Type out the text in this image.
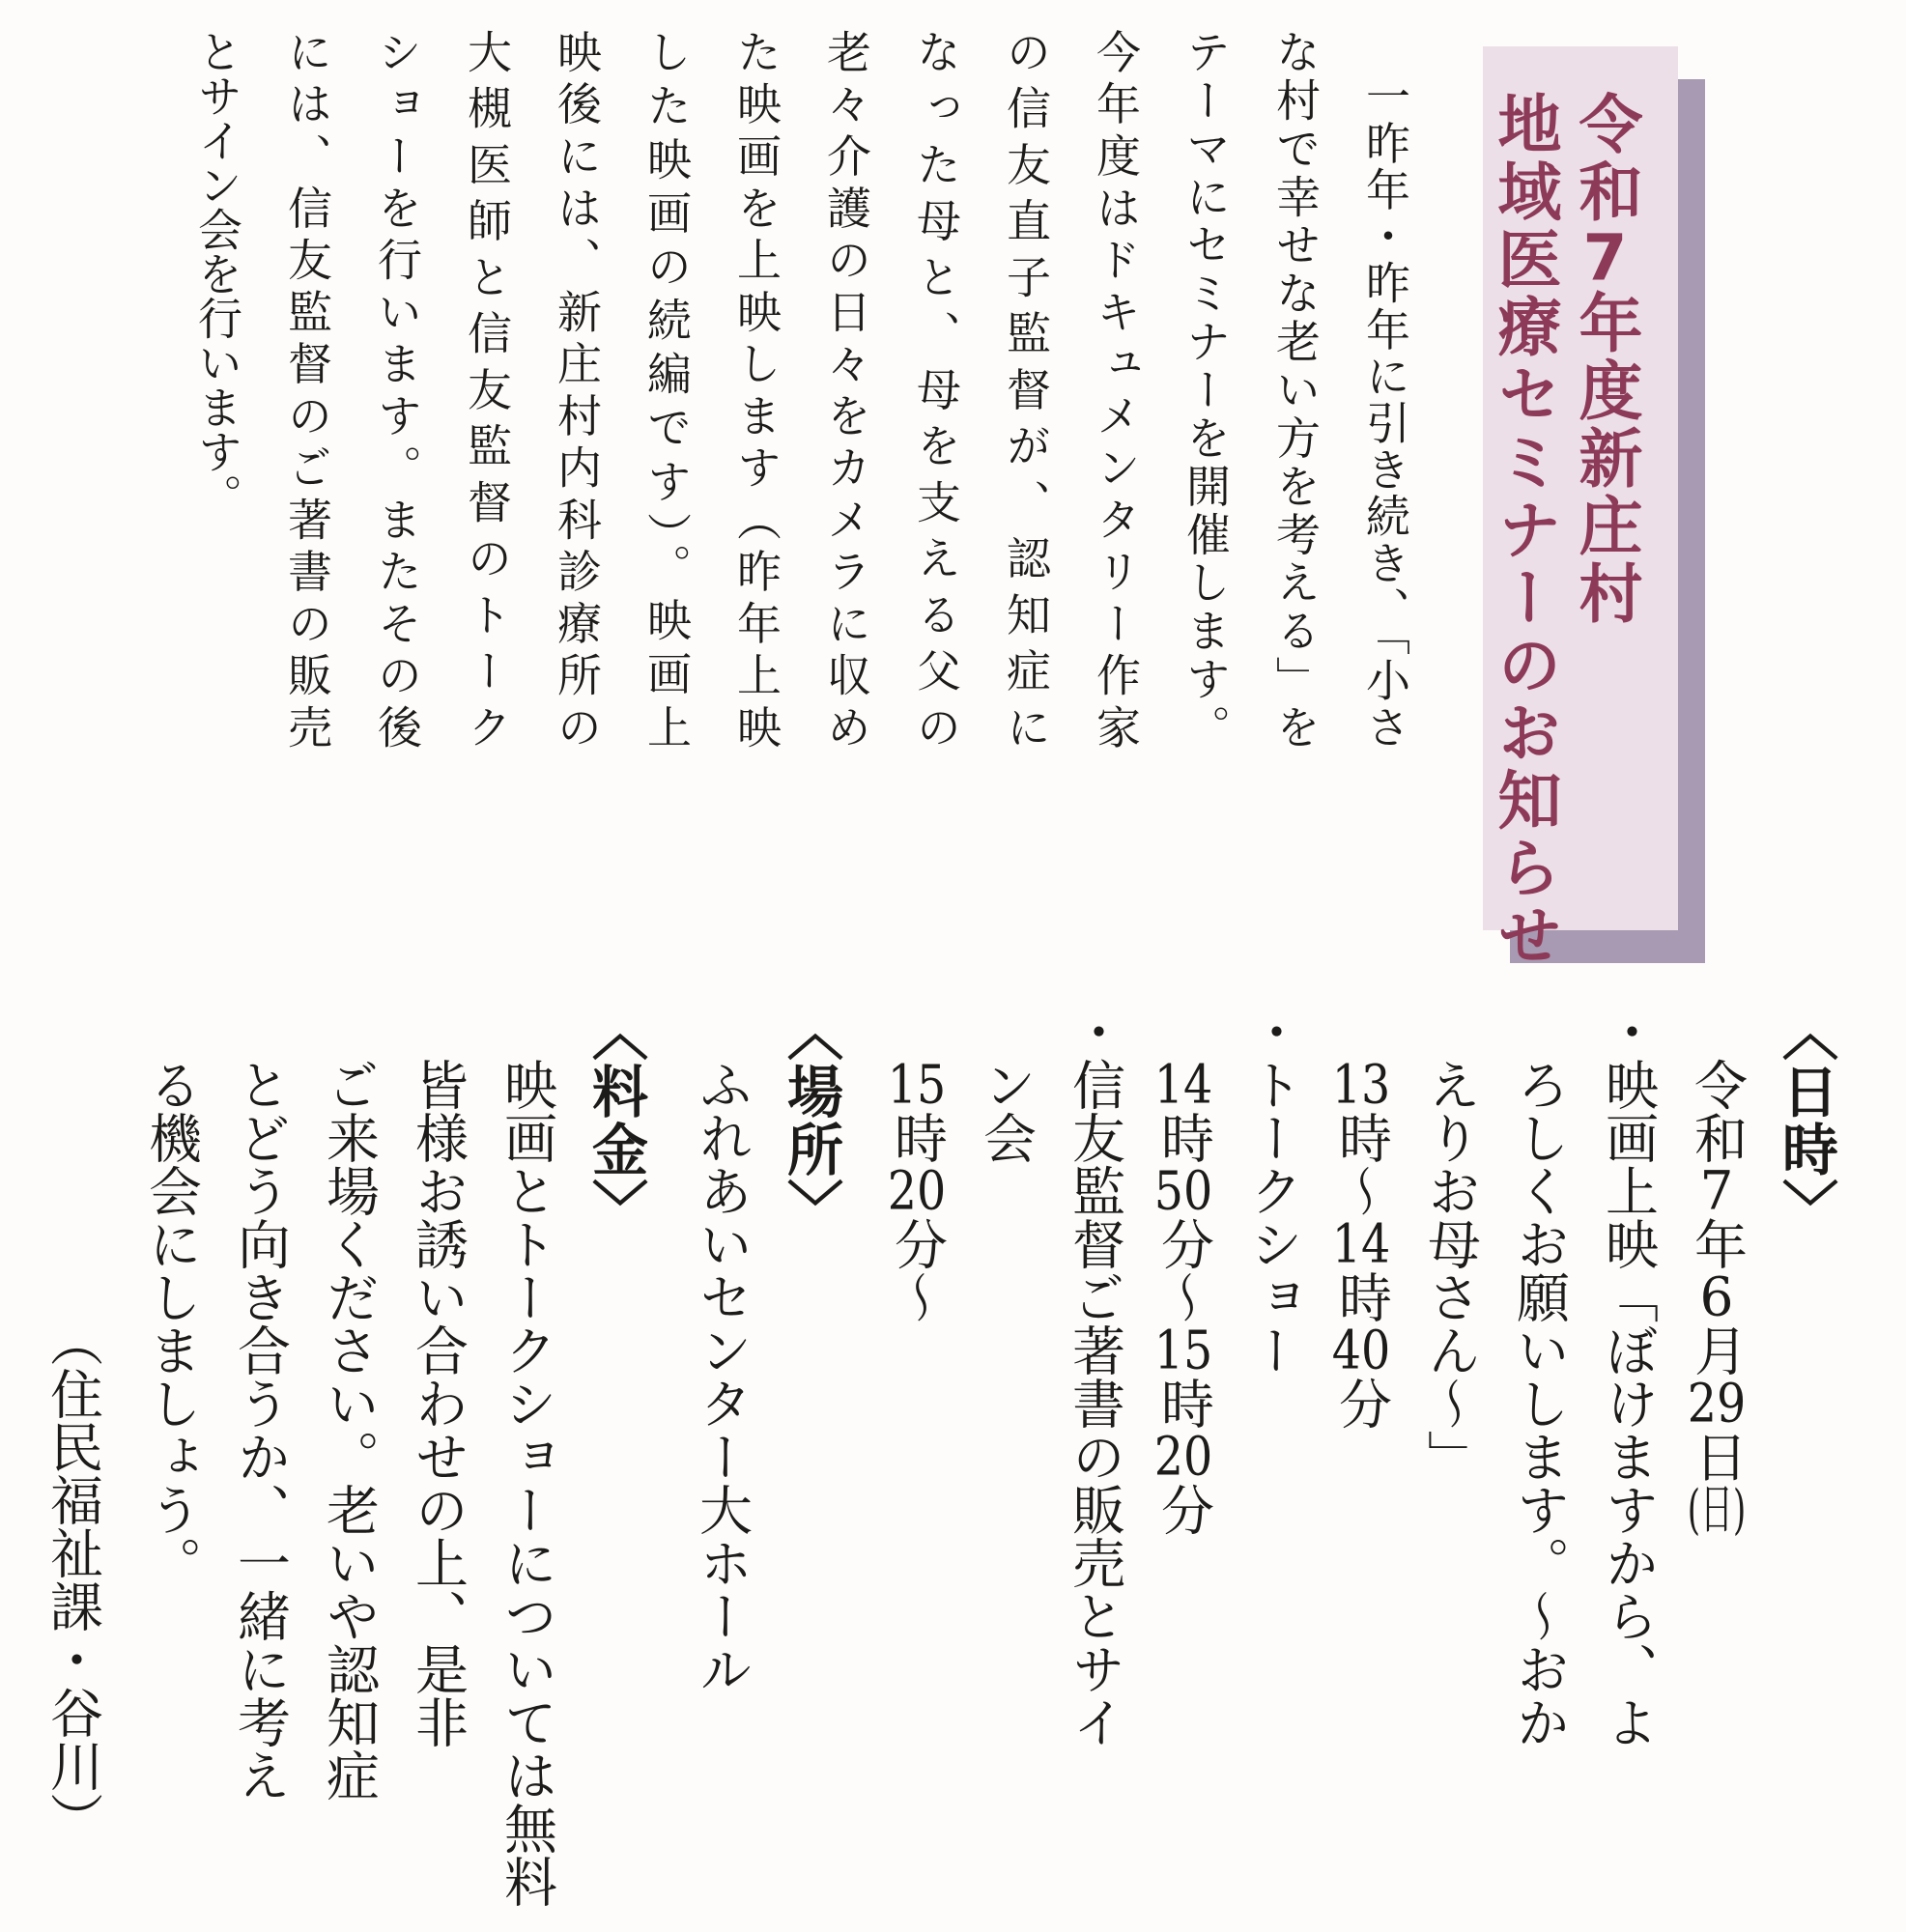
令和7年度新庄村

地域医療セミナーのお知らせ

一昨年・昨年に引き続き、「小さ

な村で幸せな老い方を考える」を

テーマにセミナーを開催します。

今年度はドキュメンタリー作家

の信友直子監督が、認知症に

なった母と、母を支える父の

老々介護の日々をカメラに収め

た映画を上映します（昨年上映

した映画の続編です）。映画上

映後には、新庄村内科診療所の

大槻医師と信友監督のトーク

ショーを行います。またその後

には、信友監督のご著書の販売

とサイン会を行います。

〈日時〉

令和7年6月29日(日)

・映画上映「ぼけますから、よ

ろしくお願いします。〜おか

えりお母さん〜」

13時〜14時40分

・トークショー

14時50分〜15時20分

・信友監督ご著書の販売とサイ

ン会

15時20分〜

〈場所〉

ふれあいセンター大ホール

〈料金〉

映画とトークショーについては無料

皆様お誘い合わせの上、是非

ご来場ください。老いや認知症

とどう向き合うか、一緒に考え

る機会にしましょう。

（住民福祉課・谷川）
